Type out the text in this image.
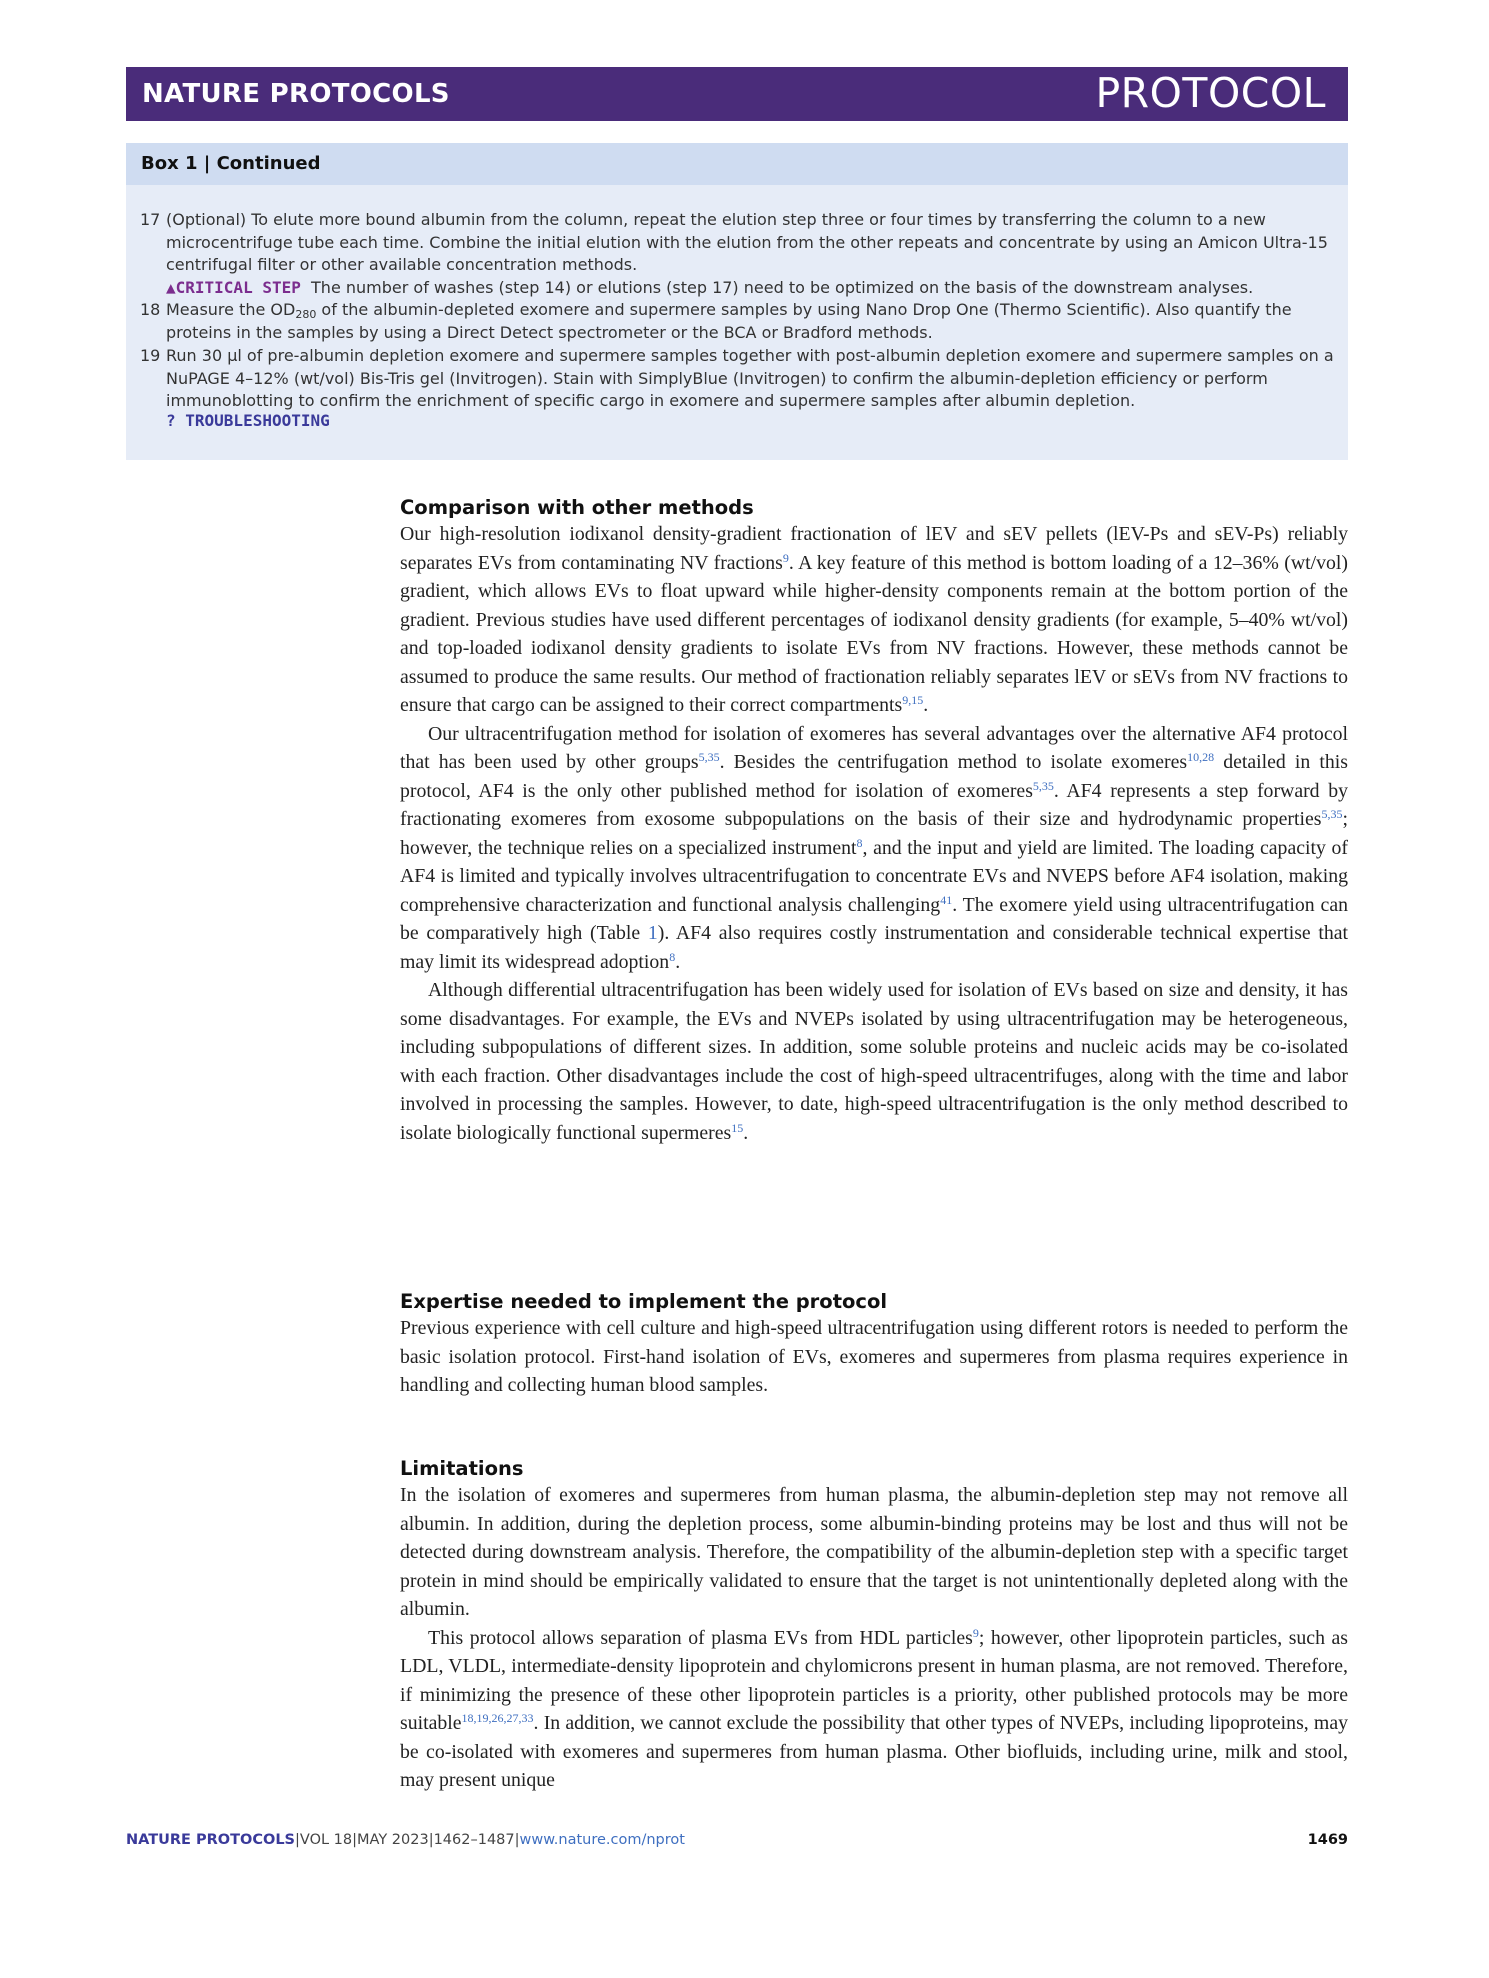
NATURE PROTOCOLS	PROTOCOL
Box 1 | Continued
17 (Optional) To elute more bound albumin from the column, repeat the elution step three or four times by transferring the column to a new microcentrifuge tube each time. Combine the initial elution with the elution from the other repeats and concentrate by using an Amicon Ultra-15 centrifugal filter or other available concentration methods.
▲CRITICAL STEP The number of washes (step 14) or elutions (step 17) need to be optimized on the basis of the downstream analyses.
18 Measure the $OD_{280}$ of the albumin-depleted exomere and supermere samples by using Nano Drop One (Thermo Scientific). Also quantify the proteins in the samples by using a Direct Detect spectrometer or the BCA or Bradford methods.
19 Run 30 µl of pre-albumin depletion exomere and supermere samples together with post-albumin depletion exomere and supermere samples on a NuPAGE 4–12% (wt/vol) Bis-Tris gel (Invitrogen). Stain with SimplyBlue (Invitrogen) to confirm the albumin-depletion efficiency or perform immunoblotting to confirm the enrichment of specific cargo in exomere and supermere samples after albumin depletion.
? TROUBLESHOOTING
Comparison with other methods

Our high-resolution iodixanol density-gradient fractionation of lEV and sEV pellets (lEV-Ps and sEV-Ps) reliably separates EVs from contaminating NV fractions$^9$. A key feature of this method is bottom loading of a 12–36% (wt/vol) gradient, which allows EVs to float upward while higher-density components remain at the bottom portion of the gradient. Previous studies have used different percentages of iodixanol density gradients (for example, 5–40% wt/vol) and top-loaded iodixanol density gradients to isolate EVs from NV fractions. However, these methods cannot be assumed to produce the same results. Our method of fractionation reliably separates lEV or sEVs from NV fractions to ensure that cargo can be assigned to their correct compartments$^{9,15}$.

Our ultracentrifugation method for isolation of exomeres has several advantages over the alternative AF4 protocol that has been used by other groups$^{5,35}$. Besides the centrifugation method to isolate exomeres$^{10,28}$ detailed in this protocol, AF4 is the only other published method for isolation of exomeres$^{5,35}$. AF4 represents a step forward by fractionating exomeres from exosome subpopulations on the basis of their size and hydrodynamic properties$^{5,35}$; however, the technique relies on a specialized instrument$^8$, and the input and yield are limited. The loading capacity of AF4 is limited and typically involves ultracentrifugation to concentrate EVs and NVEPS before AF4 isolation, making comprehensive characterization and functional analysis challenging$^{41}$. The exomere yield using ultracentrifugation can be comparatively high (Table 1). AF4 also requires costly instrumentation and considerable technical expertise that may limit its widespread adoption$^8$.

Although differential ultracentrifugation has been widely used for isolation of EVs based on size and density, it has some disadvantages. For example, the EVs and NVEPs isolated by using ultracentrifugation may be heterogeneous, including subpopulations of different sizes. In addition, some soluble proteins and nucleic acids may be co-isolated with each fraction. Other disadvantages include the cost of high-speed ultracentrifuges, along with the time and labor involved in processing the samples. However, to date, high-speed ultracentrifugation is the only method described to isolate biologically functional supermeres$^{15}$.

Expertise needed to implement the protocol

Previous experience with cell culture and high-speed ultracentrifugation using different rotors is needed to perform the basic isolation protocol. First-hand isolation of EVs, exomeres and supermeres from plasma requires experience in handling and collecting human blood samples.

Limitations

In the isolation of exomeres and supermeres from human plasma, the albumin-depletion step may not remove all albumin. In addition, during the depletion process, some albumin-binding proteins may be lost and thus will not be detected during downstream analysis. Therefore, the compatibility of the albumin-depletion step with a specific target protein in mind should be empirically validated to ensure that the target is not unintentionally depleted along with the albumin.

This protocol allows separation of plasma EVs from HDL particles$^9$; however, other lipoprotein particles, such as LDL, VLDL, intermediate-density lipoprotein and chylomicrons present in human plasma, are not removed. Therefore, if minimizing the presence of these other lipoprotein particles is a priority, other published protocols may be more suitable$^{18,19,26,27,33}$. In addition, we cannot exclude the possibility that other types of NVEPs, including lipoproteins, may be co-isolated with exomeres and supermeres from human plasma. Other biofluids, including urine, milk and stool, may present unique

NATURE PROTOCOLS|VOL 18|MAY 2023|1462–1487|www.nature.com/nprot	1469
